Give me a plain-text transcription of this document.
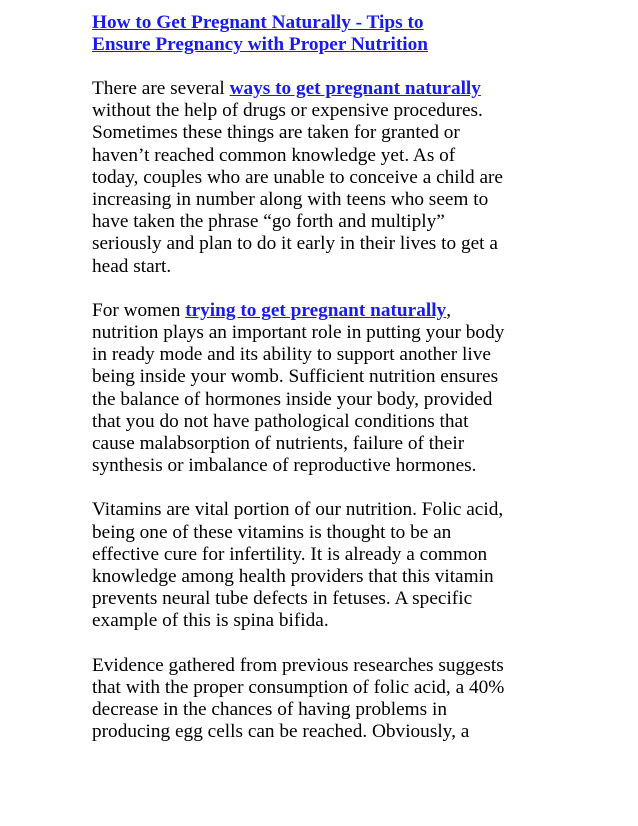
How to Get Pregnant Naturally - Tips to
Ensure Pregnancy with Proper Nutrition

There are several ways to get pregnant naturally
without the help of drugs or expensive procedures.
Sometimes these things are taken for granted or
haven’t reached common knowledge yet. As of
today, couples who are unable to conceive a child are
increasing in number along with teens who seem to
have taken the phrase “go forth and multiply”
seriously and plan to do it early in their lives to get a
head start.

For women trying to get pregnant naturally,
nutrition plays an important role in putting your body
in ready mode and its ability to support another live
being inside your womb. Sufficient nutrition ensures
the balance of hormones inside your body, provided
that you do not have pathological conditions that
cause malabsorption of nutrients, failure of their
synthesis or imbalance of reproductive hormones.

Vitamins are vital portion of our nutrition. Folic acid,
being one of these vitamins is thought to be an
effective cure for infertility. It is already a common
knowledge among health providers that this vitamin
prevents neural tube defects in fetuses. A specific
example of this is spina bifida.

Evidence gathered from previous researches suggests
that with the proper consumption of folic acid, a 40%
decrease in the chances of having problems in
producing egg cells can be reached. Obviously, a
